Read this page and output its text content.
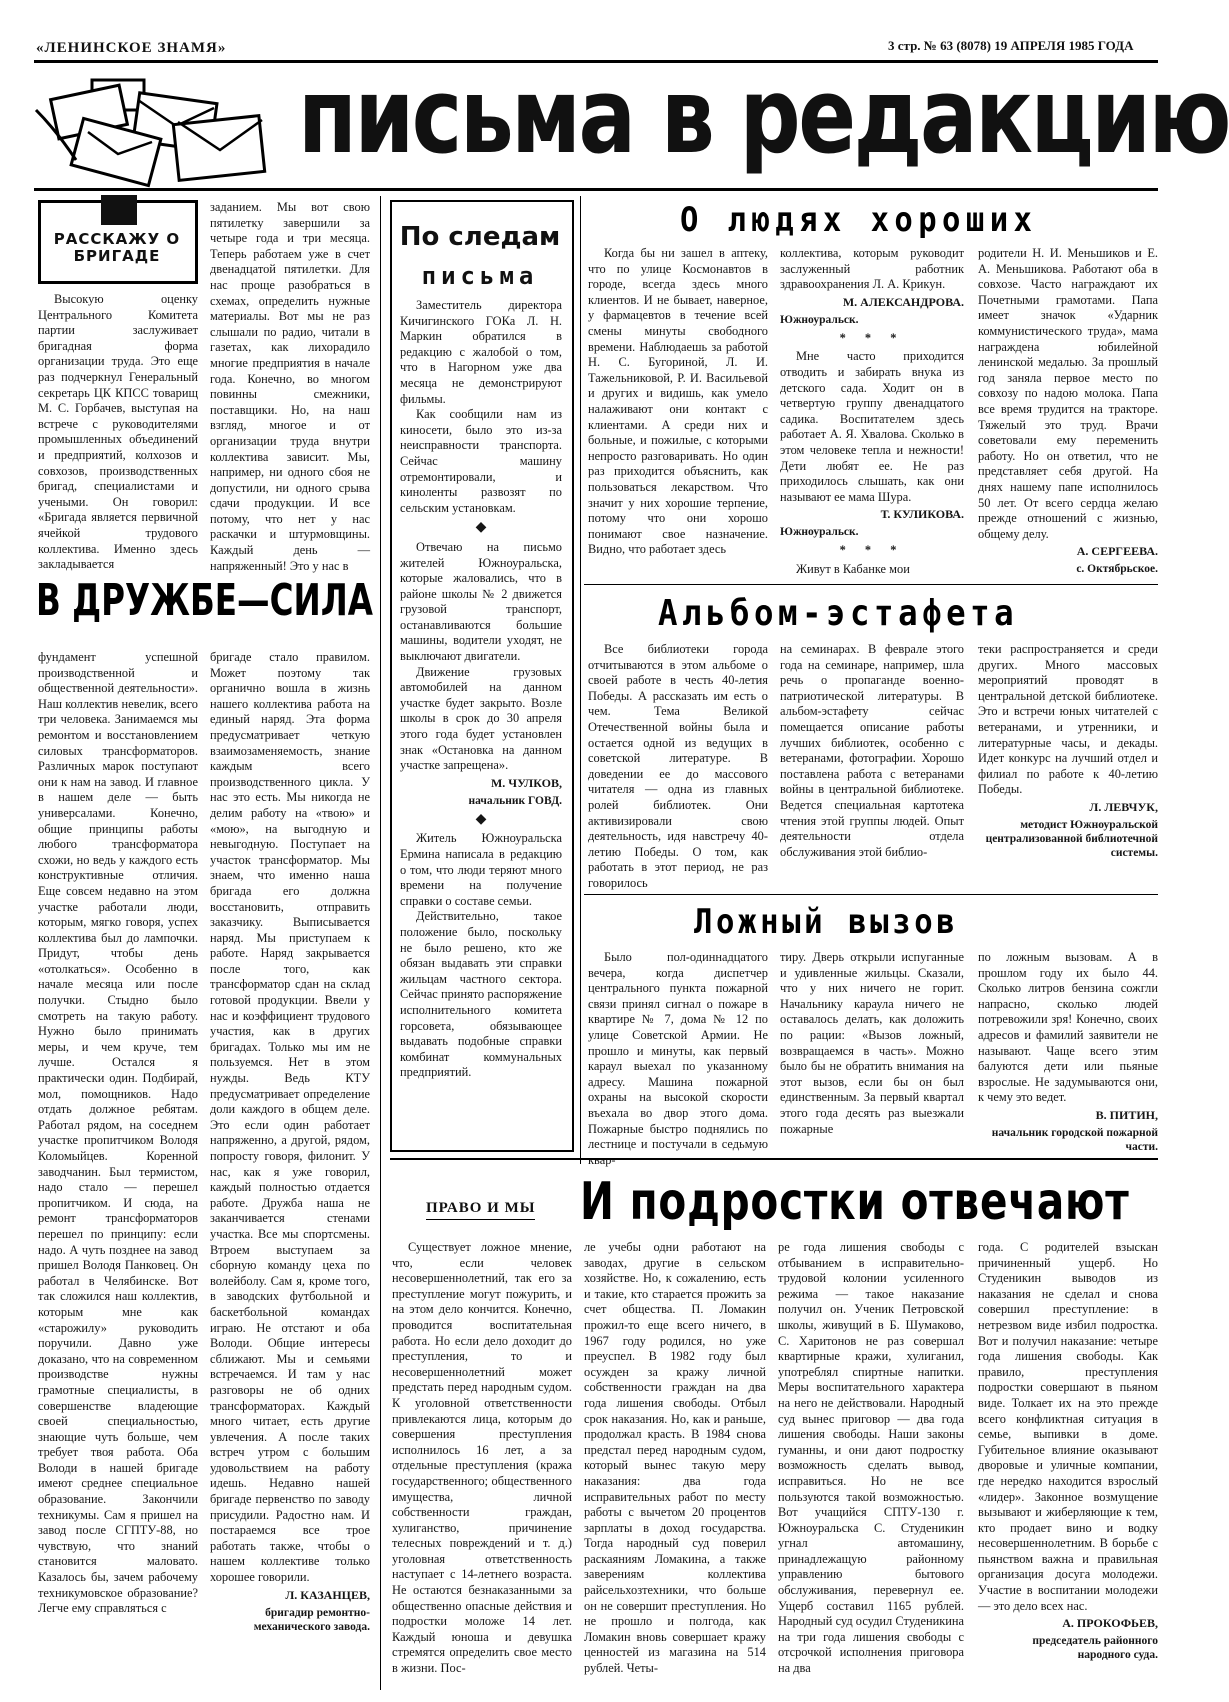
«ЛЕНИНСКОЕ ЗНАМЯ»	3 стр. № 63 (8078) 19 АПРЕЛЯ 1985 ГОДА
письма в редакцию
РАССКАЖУ О БРИГАДЕ

Высокую оценку Центрального Комитета партии заслуживает бригадная форма организации труда. Это еще раз подчеркнул Генеральный секретарь ЦК КПСС товарищ М. С. Горбачев, выступая на встрече с руководителями промышленных объединений и предприятий, колхозов и совхозов, производственных бригад, специалистами и учеными. Он говорил: «Бригада является первичной ячейкой трудового коллектива. Именно здесь закладывается

заданием. Мы вот свою пятилетку завершили за четыре года и три месяца. Теперь работаем уже в счет двенадцатой пятилетки. Для нас проще разобраться в схемах, определить нужные материалы. Вот мы не раз слышали по радио, читали в газетах, как лихорадило многие предприятия в начале года. Конечно, во многом повинны смежники, поставщики. Но, на наш взгляд, многое и от организации труда внутри коллектива зависит. Мы, например, ни одного сбоя не допустили, ни одного срыва сдачи продукции. И все потому, что нет у нас раскачки и штурмовщины. Каждый день — напряженный! Это у нас в

В ДРУЖБЕ—СИЛА

фундамент успешной производственной и общественной деятельности». Наш коллектив невелик, всего три человека. Занимаемся мы ремонтом и восстановлением силовых трансформаторов. Различных марок поступают они к нам на завод. И главное в нашем деле — быть универсалами. Конечно, общие принципы работы любого трансформатора схожи, но ведь у каждого есть конструктивные отличия. Еще совсем недавно на этом участке работали люди, которым, мягко говоря, успех коллектива был до лампочки. Придут, чтобы день «отолкаться». Особенно в начале месяца или после получки. Стыдно было смотреть на такую работу. Нужно было принимать меры, и чем круче, тем лучше. Остался я практически один. Подбирай, мол, помощников. Надо отдать должное ребятам. Работал рядом, на соседнем участке пропитчиком Володя Коломыйцев. Коренной заводчанин. Был термистом, надо стало — перешел пропитчиком. И сюда, на ремонт трансформаторов перешел по принципу: если надо. А чуть позднее на завод пришел Володя Панковец. Он работал в Челябинске. Вот так сложился наш коллектив, которым мне как «старожилу» руководить поручили. Давно уже доказано, что на современном производстве нужны грамотные специалисты, в совершенстве владеющие своей специальностью, знающие чуть больше, чем требует твоя работа. Оба Володи в нашей бригаде имеют среднее специальное образование. Закончили техникумы. Сам я пришел на завод после СГПТУ-88, но чувствую, что знаний становится маловато. Казалось бы, зачем рабочему техникумовское образование? Легче ему справляться с

бригаде стало правилом. Может поэтому так органично вошла в жизнь нашего коллектива работа на единый наряд. Эта форма предусматривает четкую взаимозаменяемость, знание каждым всего производственного цикла. У нас это есть. Мы никогда не делим работу на «твою» и «мою», на выгодную и невыгодную. Поступает на участок трансформатор. Мы знаем, что именно наша бригада его должна восстановить, отправить заказчику. Выписывается наряд. Мы приступаем к работе. Наряд закрывается после того, как трансформатор сдан на склад готовой продукции. Ввели у нас и коэффициент трудового участия, как в других бригадах. Только мы им не пользуемся. Нет в этом нужды. Ведь КТУ предусматривает определение доли каждого в общем деле. Это если один работает напряженно, а другой, рядом, попросту говоря, филонит. У нас, как я уже говорил, каждый полностью отдается работе. Дружба наша не заканчивается стенами участка. Все мы спортсмены. Втроем выступаем за сборную команду цеха по волейболу. Сам я, кроме того, в заводских футбольной и баскетбольной командах играю. Не отстают и оба Володи. Общие интересы сближают. Мы и семьями встречаемся. И там у нас разговоры не об одних трансформаторах. Каждый много читает, есть другие увлечения. А после таких встреч утром с большим удовольствием на работу идешь. Недавно нашей бригаде первенство по заводу присудили. Радостно нам. И постараемся все трое работать также, чтобы о нашем коллективе только хорошее говорили.

Л. КАЗАНЦЕВ,
бригадир ремонтно-механического завода.
По следам
письма

Заместитель директора Кичигинского ГОКа Л. Н. Маркин обратился в редакцию с жалобой о том, что в Нагорном уже два месяца не демонстрируют фильмы.

Как сообщили нам из киносети, было это из-за неисправности транспорта. Сейчас машину отремонтировали, и киноленты развозят по сельским установкам.

◆

Отвечаю на письмо жителей Южноуральска, которые жаловались, что в районе школы № 2 движется грузовой транспорт, останавливаются большие машины, водители уходят, не выключают двигатели.

Движение грузовых автомобилей на данном участке будет закрыто. Возле школы в срок до 30 апреля этого года будет установлен знак «Остановка на данном участке запрещена».

М. ЧУЛКОВ,
начальник ГОВД.
◆

Житель Южноуральска Ермина написала в редакцию о том, что люди теряют много времени на получение справки о составе семьи.

Действительно, такое положение было, поскольку не было решено, кто же обязан выдавать эти справки жильцам частного сектора. Сейчас принято распоряжение исполнительного комитета горсовета, обязывающее выдавать подобные справки комбинат коммунальных предприятий.

О людях хороших

Когда бы ни зашел в аптеку, что по улице Космонавтов в городе, всегда здесь много клиентов. И не бывает, наверное, у фармацевтов в течение всей смены минуты свободного времени. Наблюдаешь за работой Н. С. Бугориной, Л. И. Тажельниковой, Р. И. Васильевой и других и видишь, как умело налаживают они контакт с клиентами. А среди них и больные, и пожилые, с которыми непросто разговаривать. Но один раз приходится объяснить, как пользоваться лекарством. Что значит у них хорошие терпение, потому что они хорошо понимают свое назначение. Видно, что работает здесь

коллектива, которым руководит заслуженный работник здравоохранения Л. А. Крикун.

М. АЛЕКСАНДРОВА.
Южноуральск.
* * *

Мне часто приходится отводить и забирать внука из детского сада. Ходит он в четвертую группу двенадцатого садика. Воспитателем здесь работает А. Я. Хвалова. Сколько в этом человеке тепла и нежности! Дети любят ее. Не раз приходилось слышать, как они называют ее мама Шура.

Т. КУЛИКОВА.
Южноуральск.
* * *

Живут в Кабанке мои

родители Н. И. Меньшиков и Е. А. Меньшикова. Работают оба в совхозе. Часто награждают их Почетными грамотами. Папа имеет значок «Ударник коммунистического труда», мама награждена юбилейной ленинской медалью. За прошлый год заняла первое место по совхозу по надою молока. Папа все время трудится на тракторе. Тяжелый это труд. Врачи советовали ему переменить работу. Но он ответил, что не представляет себя другой. На днях нашему папе исполнилось 50 лет. От всего сердца желаю прежде отношений с жизнью, общему делу.

А. СЕРГЕЕВА.
с. Октябрьское.
Альбом-эстафета

Все библиотеки города отчитываются в этом альбоме о своей работе в честь 40-летия Победы. А рассказать им есть о чем. Тема Великой Отечественной войны была и остается одной из ведущих в советской литературе. В доведении ее до массового читателя — одна из главных ролей библиотек. Они активизировали свою деятельность, идя навстречу 40-летию Победы. О том, как работать в этот период, не раз говорилось

на семинарах. В феврале этого года на семинаре, например, шла речь о пропаганде военно-патриотической литературы. В альбом-эстафету сейчас помещается описание работы лучших библиотек, особенно с ветеранами, фотографии. Хорошо поставлена работа с ветеранами войны в центральной библиотеке. Ведется специальная картотека чтения этой группы людей. Опыт деятельности отдела обслуживания этой библио-

теки распространяется и среди других. Много массовых мероприятий проводят в центральной детской библиотеке. Это и встречи юных читателей с ветеранами, и утренники, и литературные часы, и декады. Идет конкурс на лучший отдел и филиал по работе к 40-летию Победы.

Л. ЛЕВЧУК,
методист Южноуральской централизованной библиотечной системы.
Ложный вызов

Было пол-одиннадцатого вечера, когда диспетчер центрального пункта пожарной связи принял сигнал о пожаре в квартире № 7, дома № 12 по улице Советской Армии. Не прошло и минуты, как первый караул выехал по указанному адресу. Машина пожарной охраны на высокой скорости въехала во двор этого дома. Пожарные быстро поднялись по лестнице и постучали в седьмую

тиру. Дверь открыли испуганные и удивленные жильцы. Сказали, что у них ничего не горит. Начальнику караула ничего не оставалось делать, как доложить по рации: «Вызов ложный, возвращаемся в часть». Можно было бы не обратить внимания на этот вызов, если бы он был единственным. За первый квартал этого года десять раз выезжали пожарные

по ложным вызовам. А в прошлом году их было 44. Сколько литров бензина сожгли напрасно, сколько людей потревожили зря! Конечно, своих адресов и фамилий заявители не называют. Чаще всего этим балуются дети или пьяные взрослые. Не задумываются они, к чему это ведет.

В. ПИТИН,
начальник городской пожарной части.
ПРАВО И МЫ И подростки отвечают

Существует ложное мнение, что, если человек несовершеннолетний, так его за преступление могут пожурить, и на этом дело кончится. Конечно, проводится воспитательная работа. Но если дело доходит до преступления, то и несовершеннолетний может предстать перед народным судом. К уголовной ответственности привлекаются лица, которым до совершения преступления исполнилось 16 лет, а за отдельные преступления (кража государственного; общественного имущества, личной собственности граждан, хулиганство, причинение телесных повреждений и т. д.) уголовная ответственность наступает с 14-летнего возраста. Не остаются безнаказанными за общественно опасные действия и подростки моложе 14 лет. Каждый юноша и девушка стремятся определить свое место в жизни. Пос-

ле учебы одни работают на заводах, другие в сельском хозяйстве. Но, к сожалению, есть и такие, кто старается прожить за счет общества. П. Ломакин прожил-то еще всего ничего, в 1967 году родился, но уже преуспел. В 1982 году был осужден за кражу личной собственности граждан на два года лишения свободы. Отбыл срок наказания. Но, как и раньше, продолжал красть. В 1984 снова предстал перед народным судом, который вынес такую меру наказания: два года исправительных работ по месту работы с вычетом 20 процентов зарплаты в доход государства. Тогда народный суд поверил раскаяниям Ломакина, а также заверениям коллектива райсельхозтехники, что больше он не совершит преступления. Но не прошло и полгода, как Ломакин вновь совершает кражу ценностей из магазина на 514 рублей. Четы-

ре года лишения свободы с отбыванием в исправительно-трудовой колонии усиленного режима — такое наказание получил он. Ученик Петровской школы, живущий в Б. Шумаково, С. Харитонов не раз совершал квартирные кражи, хулиганил, употреблял спиртные напитки. Меры воспитательного характера на него не действовали. Народный суд вынес приговор — два года лишения свободы. Наши законы гуманны, и они дают подростку возможность сделать вывод, исправиться. Но не все пользуются такой возможностью. Вот учащийся СПТУ-130 г. Южноуральска С. Студеникин угнал автомашину, принадлежащую районному управлению бытового обслуживания, перевернул ее. Ущерб составил 1165 рублей. Народный суд осудил Студеникина на три года лишения свободы с отсрочкой исполнения приговора на два

года. С родителей взыскан причиненный ущерб. Но Студеникин выводов из наказания не сделал и снова совершил преступление: в нетрезвом виде избил подростка. Вот и получил наказание: четыре года лишения свободы. Как правило, преступления подростки совершают в пьяном виде. Толкает их на это прежде всего конфликтная ситуация в семье, выпивки в доме. Губительное влияние оказывают дворовые и уличные компании, где нередко находится взрослый «лидер». Законное возмущение вызывают и жиберляющие к тем, кто продает вино и водку несовершеннолетним. В борьбе с пьянством важна и правильная организация досуга молодежи. Участие в воспитании молодежи — это дело всех нас.

А. ПРОКОФЬЕВ,
председатель районного народного суда.
